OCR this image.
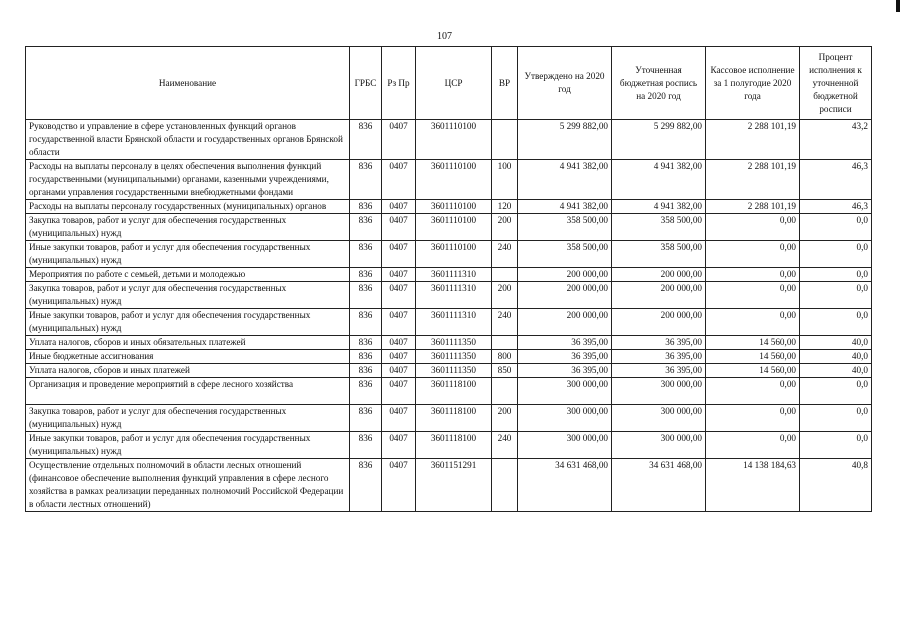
107
Наименование	ГРБС	Рз Пр	ЦСР	ВР	Утверждено на 2020 год	Уточненная бюджетная роспись на 2020 год	Кассовое исполнение за 1 полугодие 2020 года	Процент исполнения к уточненной бюджетной росписи
Руководство и управление в сфере установленных функций органов государственной власти Брянской области и государственных органов Брянской области	836	0407	3601110100		5 299 882,00	5 299 882,00	2 288 101,19	43,2
Расходы на выплаты персоналу в целях обеспечения выполнения функций государственными (муниципальными) органами, казенными учреждениями, органами управления государственными внебюджетными фондами	836	0407	3601110100	100	4 941 382,00	4 941 382,00	2 288 101,19	46,3
Расходы на выплаты персоналу государственных (муниципальных) органов	836	0407	3601110100	120	4 941 382,00	4 941 382,00	2 288 101,19	46,3
Закупка товаров, работ и услуг для обеспечения государственных (муниципальных) нужд	836	0407	3601110100	200	358 500,00	358 500,00	0,00	0,0
Иные закупки товаров, работ и услуг для обеспечения государственных (муниципальных) нужд	836	0407	3601110100	240	358 500,00	358 500,00	0,00	0,0
Мероприятия по работе с семьей, детьми и молодежью	836	0407	3601111310		200 000,00	200 000,00	0,00	0,0
Закупка товаров, работ и услуг для обеспечения государственных (муниципальных) нужд	836	0407	3601111310	200	200 000,00	200 000,00	0,00	0,0
Иные закупки товаров, работ и услуг для обеспечения государственных (муниципальных) нужд	836	0407	3601111310	240	200 000,00	200 000,00	0,00	0,0
Уплата налогов, сборов и иных обязательных платежей	836	0407	3601111350		36 395,00	36 395,00	14 560,00	40,0
Иные бюджетные ассигнования	836	0407	3601111350	800	36 395,00	36 395,00	14 560,00	40,0
Уплата налогов, сборов и иных платежей	836	0407	3601111350	850	36 395,00	36 395,00	14 560,00	40,0
Организация и проведение мероприятий в сфере лесного хозяйства	836	0407	3601118100		300 000,00	300 000,00	0,00	0,0
Закупка товаров, работ и услуг для обеспечения государственных (муниципальных) нужд	836	0407	3601118100	200	300 000,00	300 000,00	0,00	0,0
Иные закупки товаров, работ и услуг для обеспечения государственных (муниципальных) нужд	836	0407	3601118100	240	300 000,00	300 000,00	0,00	0,0
Осуществление отдельных полномочий в области лесных отношений (финансовое обеспечение выполнения функций управления в сфере лесного хозяйства в рамках реализации переданных полномочий Российской Федерации в области лестных отношений)	836	0407	3601151291		34 631 468,00	34 631 468,00	14 138 184,63	40,8
